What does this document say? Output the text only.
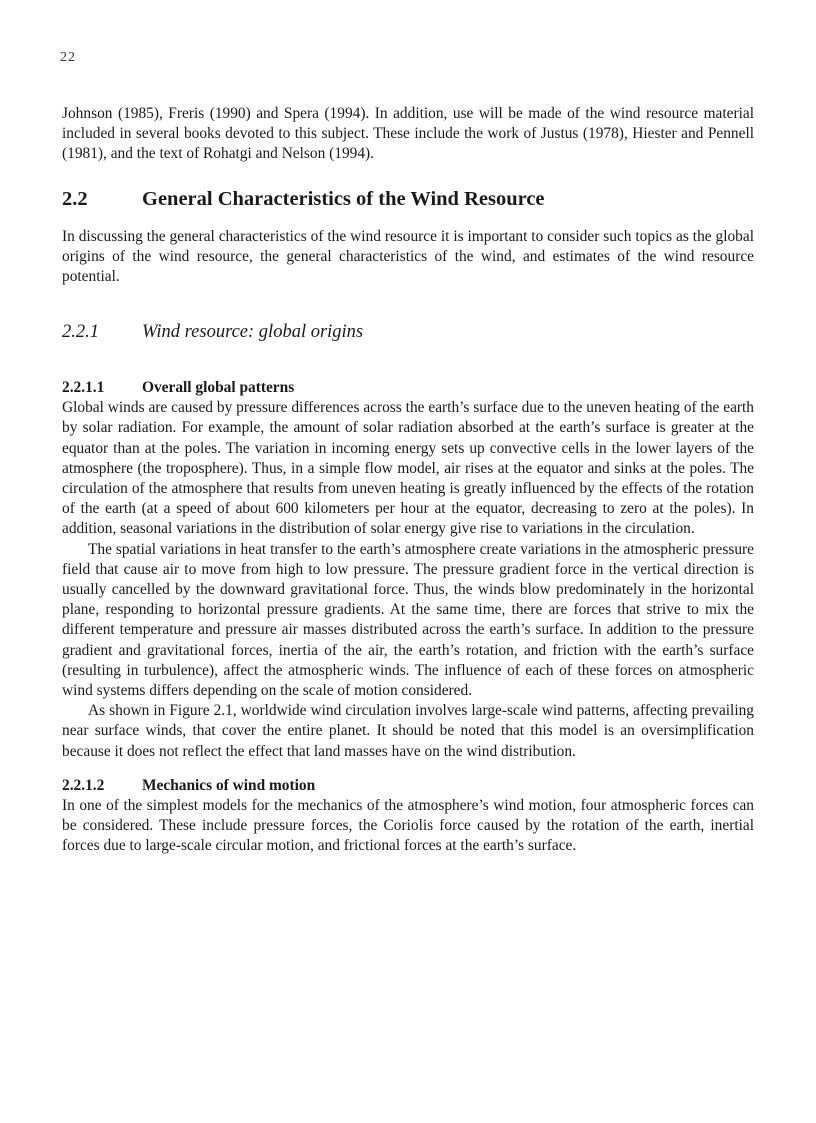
22

Johnson (1985), Freris (1990) and Spera (1994). In addition, use will be made of the wind resource material included in several books devoted to this subject. These include the work of Justus (1978), Hiester and Pennell (1981), and the text of Rohatgi and Nelson (1994).

2.2	General Characteristics of the Wind Resource

In discussing the general characteristics of the wind resource it is important to consider such topics as the global origins of the wind resource, the general characteristics of the wind, and estimates of the wind resource potential.

2.2.1	Wind resource: global origins
2.2.1.1	Overall global patterns

Global winds are caused by pressure differences across the earth’s surface due to the uneven heating of the earth by solar radiation. For example, the amount of solar radiation absorbed at the earth’s surface is greater at the equator than at the poles. The variation in incoming energy sets up convective cells in the lower layers of the atmosphere (the troposphere). Thus, in a simple flow model, air rises at the equator and sinks at the poles. The circulation of the atmosphere that results from uneven heating is greatly influenced by the effects of the rotation of the earth (at a speed of about 600 kilometers per hour at the equator, decreasing to zero at the poles). In addition, seasonal variations in the distribution of solar energy give rise to variations in the circulation.

The spatial variations in heat transfer to the earth’s atmosphere create variations in the atmospheric pressure field that cause air to move from high to low pressure. The pressure gradient force in the vertical direction is usually cancelled by the downward gravitational force. Thus, the winds blow predominately in the horizontal plane, responding to horizontal pressure gradients. At the same time, there are forces that strive to mix the different temperature and pressure air masses distributed across the earth’s surface. In addition to the pressure gradient and gravitational forces, inertia of the air, the earth’s rotation, and friction with the earth’s surface (resulting in turbulence), affect the atmospheric winds. The influence of each of these forces on atmospheric wind systems differs depending on the scale of motion considered.

As shown in Figure 2.1, worldwide wind circulation involves large-scale wind patterns, affecting prevailing near surface winds, that cover the entire planet. It should be noted that this model is an oversimplification because it does not reflect the effect that land masses have on the wind distribution.

2.2.1.2	Mechanics of wind motion

In one of the simplest models for the mechanics of the atmosphere’s wind motion, four atmospheric forces can be considered. These include pressure forces, the Coriolis force caused by the rotation of the earth, inertial forces due to large-scale circular motion, and frictional forces at the earth’s surface.
